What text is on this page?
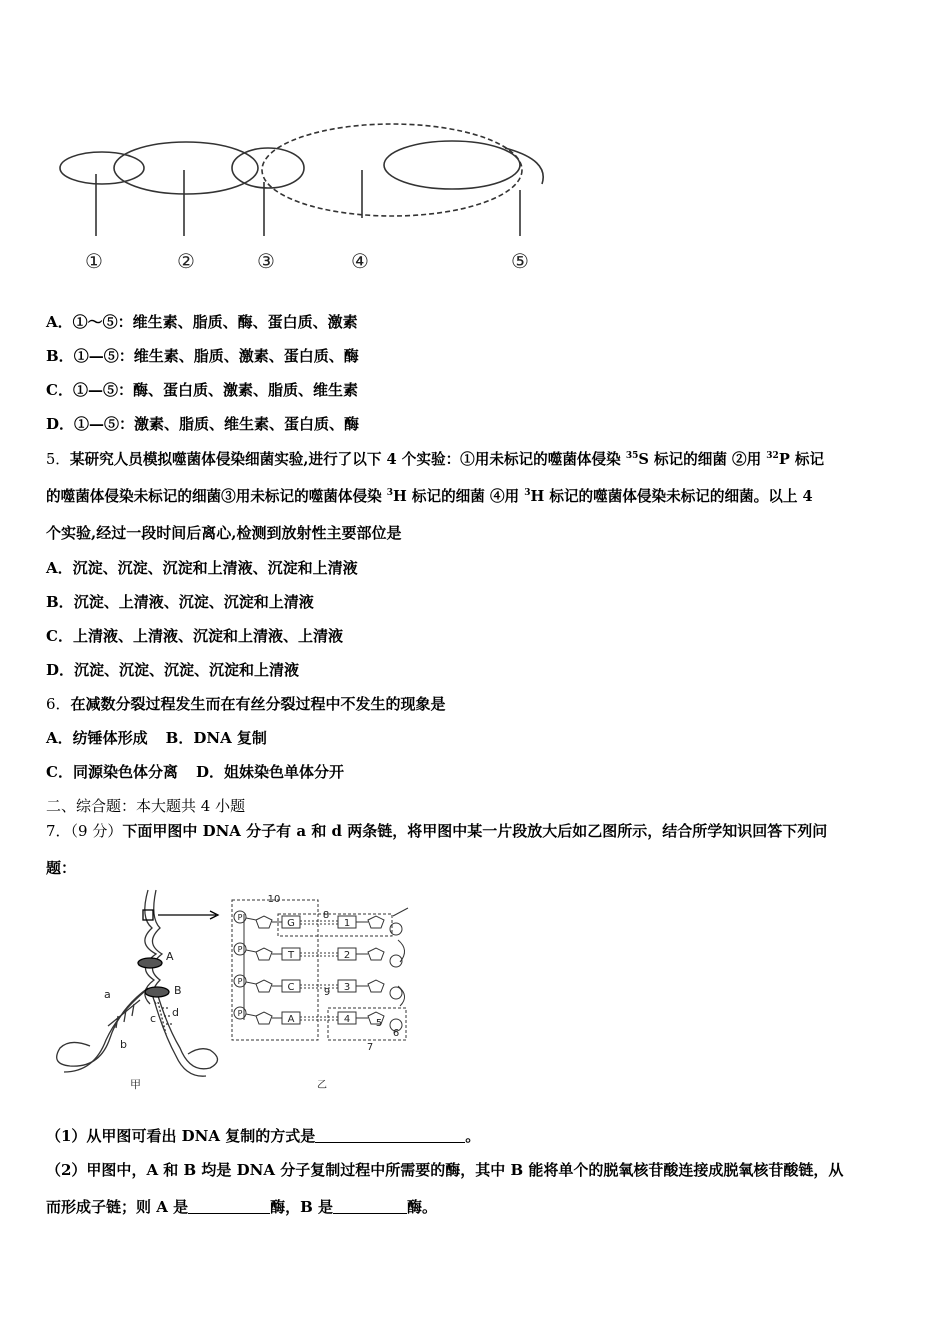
①	②	③	④	⑤
A．①～⑤：维生素、脂质、酶、蛋白质、激素
B．①—⑤：维生素、脂质、激素、蛋白质、酶
C．①—⑤：酶、蛋白质、激素、脂质、维生素
D．①—⑤：激素、脂质、维生素、蛋白质、酶
5．某研究人员模拟噬菌体侵染细菌实验,进行了以下 4 个实验：①用未标记的噬菌体侵染 $^{35}$S 标记的细菌 ②用 $^{32}$P 标记
的噬菌体侵染未标记的细菌③用未标记的噬菌体侵染 $^3$H 标记的细菌 ④用 $^3$H 标记的噬菌体侵染未标记的细菌。以上 4
个实验,经过一段时间后离心,检测到放射性主要部位是
A．沉淀、沉淀、沉淀和上清液、沉淀和上清液
B．沉淀、上清液、沉淀、沉淀和上清液
C．上清液、上清液、沉淀和上清液、上清液
D．沉淀、沉淀、沉淀、沉淀和上清液
6．在减数分裂过程发生而在有丝分裂过程中不发生的现象是
A．纺锤体形成 B．DNA 复制
C．同源染色体分离 D．姐妹染色单体分开
二、综合题：本大题共 4 小题
7．（9 分）下面甲图中 DNA 分子有 a 和 d 两条链，将甲图中某一片段放大后如乙图所示，结合所学知识回答下列问
题：
A
B
a
b
c d
甲
P
G	1
P
T	2
P
C	3
P
A	4
10
8
9
5
6
7
乙
（1）从甲图可看出 DNA 复制的方式是	。
（2）甲图中，A 和 B 均是 DNA 分子复制过程中所需要的酶，其中 B 能将单个的脱氧核苷酸连接成脱氧核苷酸链，从
而形成子链；则 A 是	酶，B 是	酶。
